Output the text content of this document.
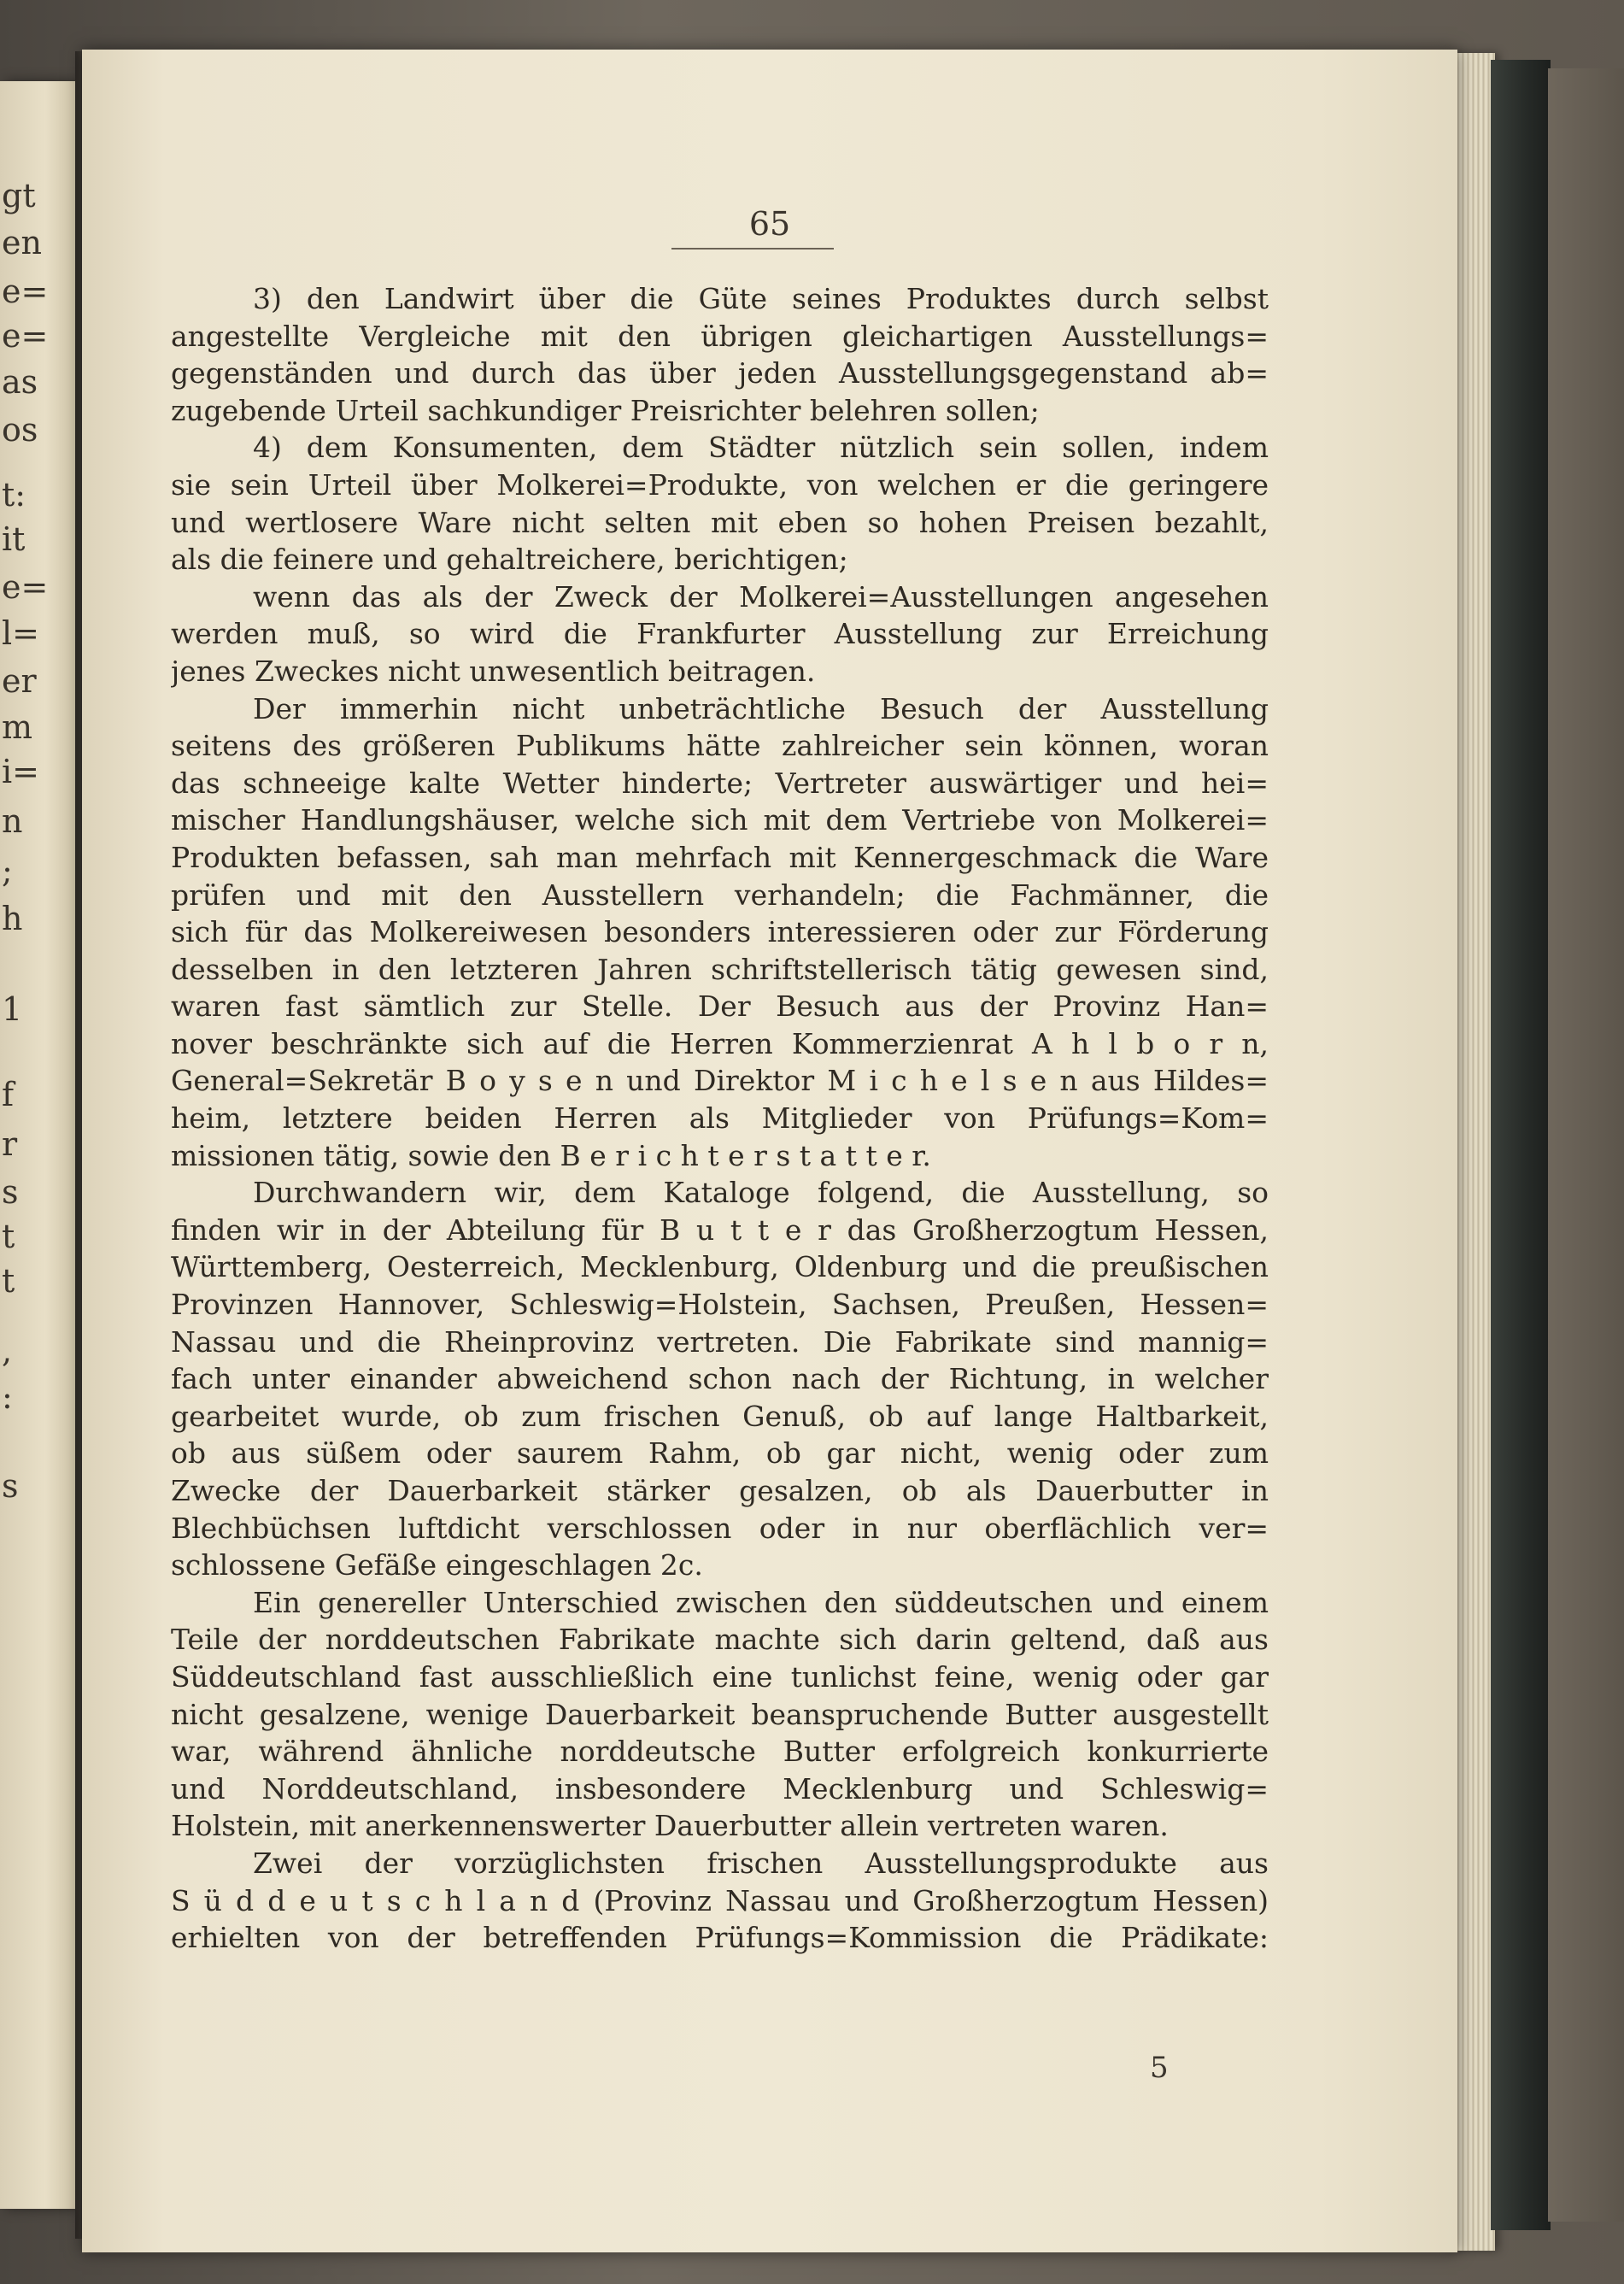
gt
en
e=
e=
as
os
t:
it
e=
l=
er
m
i=
n
;
h
1
f
r
s
t
t
,
:
s
65
3) den Landwirt über die Güte seines Produktes durch selbst
angestellte Vergleiche mit den übrigen gleichartigen Ausstellungs=
gegenständen und durch das über jeden Ausstellungsgegenstand ab=
zugebende Urteil sachkundiger Preisrichter belehren sollen;
4) dem Konsumenten, dem Städter nützlich sein sollen, indem
sie sein Urteil über Molkerei=Produkte, von welchen er die geringere
und wertlosere Ware nicht selten mit eben so hohen Preisen bezahlt,
als die feinere und gehaltreichere, berichtigen;
wenn das als der Zweck der Molkerei=Ausstellungen angesehen
werden muß, so wird die Frankfurter Ausstellung zur Erreichung
jenes Zweckes nicht unwesentlich beitragen.
Der immerhin nicht unbeträchtliche Besuch der Ausstellung
seitens des größeren Publikums hätte zahlreicher sein können, woran
das schneeige kalte Wetter hinderte; Vertreter auswärtiger und hei=
mischer Handlungshäuser, welche sich mit dem Vertriebe von Molkerei=
Produkten befassen, sah man mehrfach mit Kennergeschmack die Ware
prüfen und mit den Ausstellern verhandeln; die Fachmänner, die
sich für das Molkereiwesen besonders interessieren oder zur Förderung
desselben in den letzteren Jahren schriftstellerisch tätig gewesen sind,
waren fast sämtlich zur Stelle. Der Besuch aus der Provinz Han=
nover beschränkte sich auf die Herren Kommerzienrat A h l b o r n,
General=Sekretär B o y s e n und Direktor M i c h e l s e n aus Hildes=
heim, letztere beiden Herren als Mitglieder von Prüfungs=Kom=
missionen tätig, sowie den B e r i c h t e r s t a t t e r.
Durchwandern wir, dem Kataloge folgend, die Ausstellung, so
finden wir in der Abteilung für B u t t e r das Großherzogtum Hessen,
Württemberg, Oesterreich, Mecklenburg, Oldenburg und die preußischen
Provinzen Hannover, Schleswig=Holstein, Sachsen, Preußen, Hessen=
Nassau und die Rheinprovinz vertreten. Die Fabrikate sind mannig=
fach unter einander abweichend schon nach der Richtung, in welcher
gearbeitet wurde, ob zum frischen Genuß, ob auf lange Haltbarkeit,
ob aus süßem oder saurem Rahm, ob gar nicht, wenig oder zum
Zwecke der Dauerbarkeit stärker gesalzen, ob als Dauerbutter in
Blechbüchsen luftdicht verschlossen oder in nur oberflächlich ver=
schlossene Gefäße eingeschlagen 2c.
Ein genereller Unterschied zwischen den süddeutschen und einem
Teile der norddeutschen Fabrikate machte sich darin geltend, daß aus
Süddeutschland fast ausschließlich eine tunlichst feine, wenig oder gar
nicht gesalzene, wenige Dauerbarkeit beanspruchende Butter ausgestellt
war, während ähnliche norddeutsche Butter erfolgreich konkurrierte
und Norddeutschland, insbesondere Mecklenburg und Schleswig=
Holstein, mit anerkennenswerter Dauerbutter allein vertreten waren.
Zwei der vorzüglichsten frischen Ausstellungsprodukte aus
S ü d d e u t s c h l a n d (Provinz Nassau und Großherzogtum Hessen)
erhielten von der betreffenden Prüfungs=Kommission die Prädikate:
5
